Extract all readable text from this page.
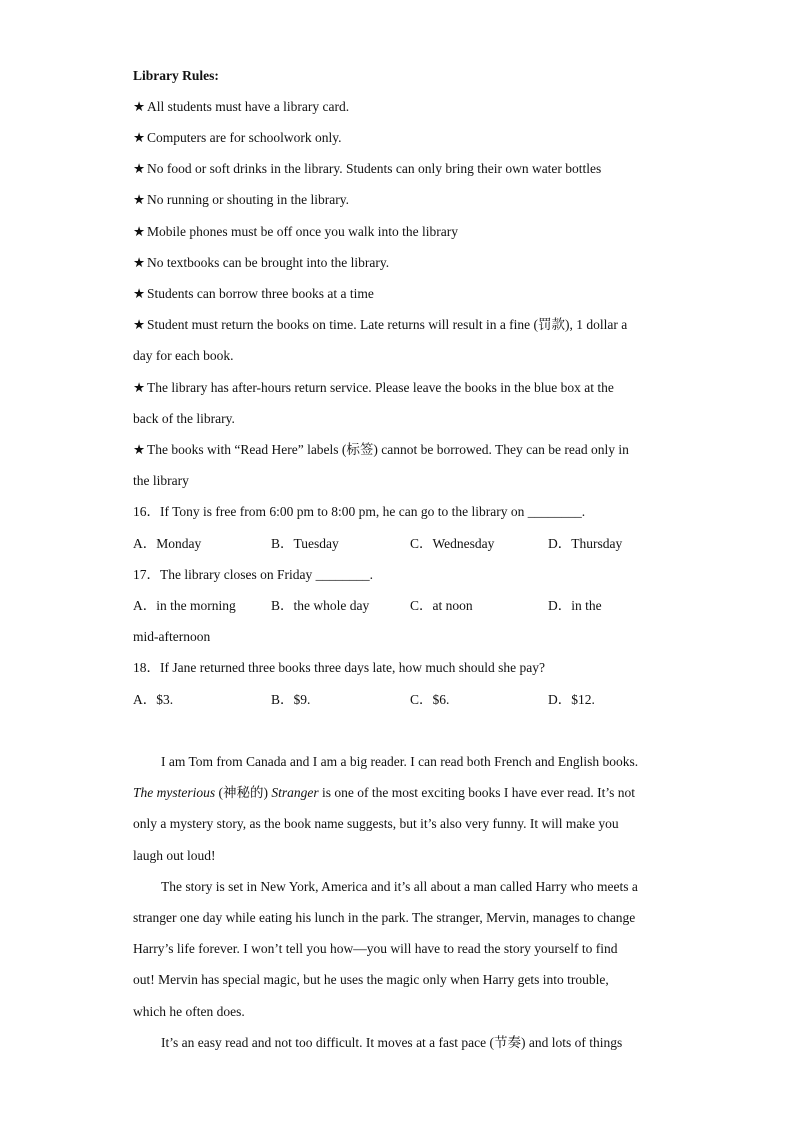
Library Rules:
★ All students must have a library card.
★ Computers are for schoolwork only.
★ No food or soft drinks in the library. Students can only bring their own water bottles
★ No running or shouting in the library.
★ Mobile phones must be off once you walk into the library
★ No textbooks can be brought into the library.
★ Students can borrow three books at a time
★ Student must return the books on time. Late returns will result in a fine (罚款), 1 dollar a
day for each book.
★ The library has after-hours return service. Please leave the books in the blue box at the
back of the library.
★ The books with “Read Here” labels (标签) cannot be borrowed. They can be read only in
the library
16．If Tony is free from 6:00 pm to 8:00 pm, he can go to the library on ________.
A．Monday	B．Tuesday	C．Wednesday	D．Thursday
17．The library closes on Friday ________.
A．in the morning	B．the whole day	C．at noon	D．in the
mid-afternoon
18．If Jane returned three books three days late, how much should she pay?
A．$3.	B．$9.	C．$6.	D．$12.
I am Tom from Canada and I am a big reader. I can read both French and English books.
The mysterious (神秘的) Stranger is one of the most exciting books I have ever read. It’s not
only a mystery story, as the book name suggests, but it’s also very funny. It will make you
laugh out loud!
The story is set in New York, America and it’s all about a man called Harry who meets a
stranger one day while eating his lunch in the park. The stranger, Mervin, manages to change
Harry’s life forever. I won’t tell you how—you will have to read the story yourself to find
out! Mervin has special magic, but he uses the magic only when Harry gets into trouble,
which he often does.
It’s an easy read and not too difficult. It moves at a fast pace (节奏) and lots of things
